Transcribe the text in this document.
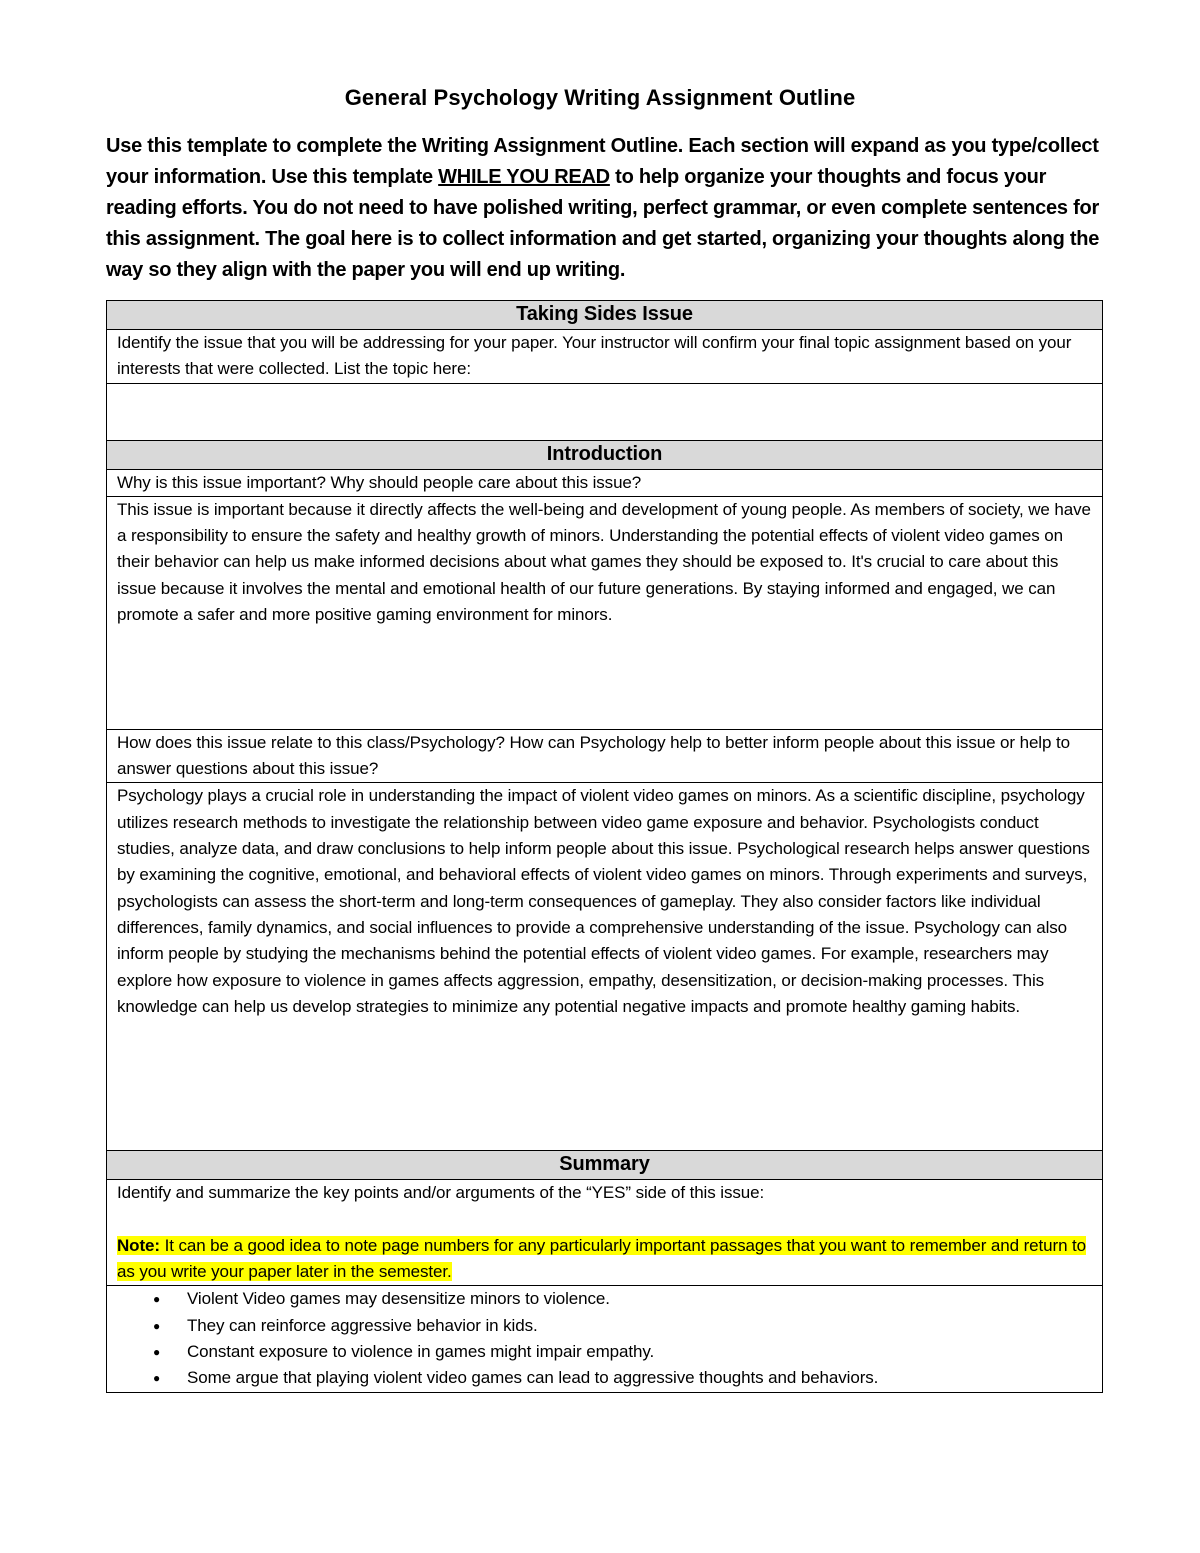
General Psychology Writing Assignment Outline

Use this template to complete the Writing Assignment Outline. Each section will expand as you type/collect your information. Use this template WHILE YOU READ to help organize your thoughts and focus your reading efforts. You do not need to have polished writing, perfect grammar, or even complete sentences for this assignment. The goal here is to collect information and get started, organizing your thoughts along the way so they align with the paper you will end up writing.

Taking Sides Issue
Identify the issue that you will be addressing for your paper. Your instructor will confirm your final topic assignment based on your interests that were collected. List the topic here:

Introduction
Why is this issue important? Why should people care about this issue?
This issue is important because it directly affects the well-being and development of young people. As members of society, we have a responsibility to ensure the safety and healthy growth of minors. Understanding the potential effects of violent video games on their behavior can help us make informed decisions about what games they should be exposed to. It's crucial to care about this issue because it involves the mental and emotional health of our future generations. By staying informed and engaged, we can promote a safer and more positive gaming environment for minors.
How does this issue relate to this class/Psychology? How can Psychology help to better inform people about this issue or help to answer questions about this issue?
Psychology plays a crucial role in understanding the impact of violent video games on minors. As a scientific discipline, psychology utilizes research methods to investigate the relationship between video game exposure and behavior. Psychologists conduct studies, analyze data, and draw conclusions to help inform people about this issue. Psychological research helps answer questions by examining the cognitive, emotional, and behavioral effects of violent video games on minors. Through experiments and surveys, psychologists can assess the short-term and long-term consequences of gameplay. They also consider factors like individual differences, family dynamics, and social influences to provide a comprehensive understanding of the issue. Psychology can also inform people by studying the mechanisms behind the potential effects of violent video games. For example, researchers may explore how exposure to violence in games affects aggression, empathy, desensitization, or decision-making processes. This knowledge can help us develop strategies to minimize any potential negative impacts and promote healthy gaming habits.
Summary
Identify and summarize the key points and/or arguments of the “YES” side of this issue:
Note: It can be a good idea to note page numbers for any particularly important passages that you want to remember and return to as you write your paper later in the semester.

● Violent Video games may desensitize minors to violence.
● They can reinforce aggressive behavior in kids.
● Constant exposure to violence in games might impair empathy.
● Some argue that playing violent video games can lead to aggressive thoughts and behaviors.
